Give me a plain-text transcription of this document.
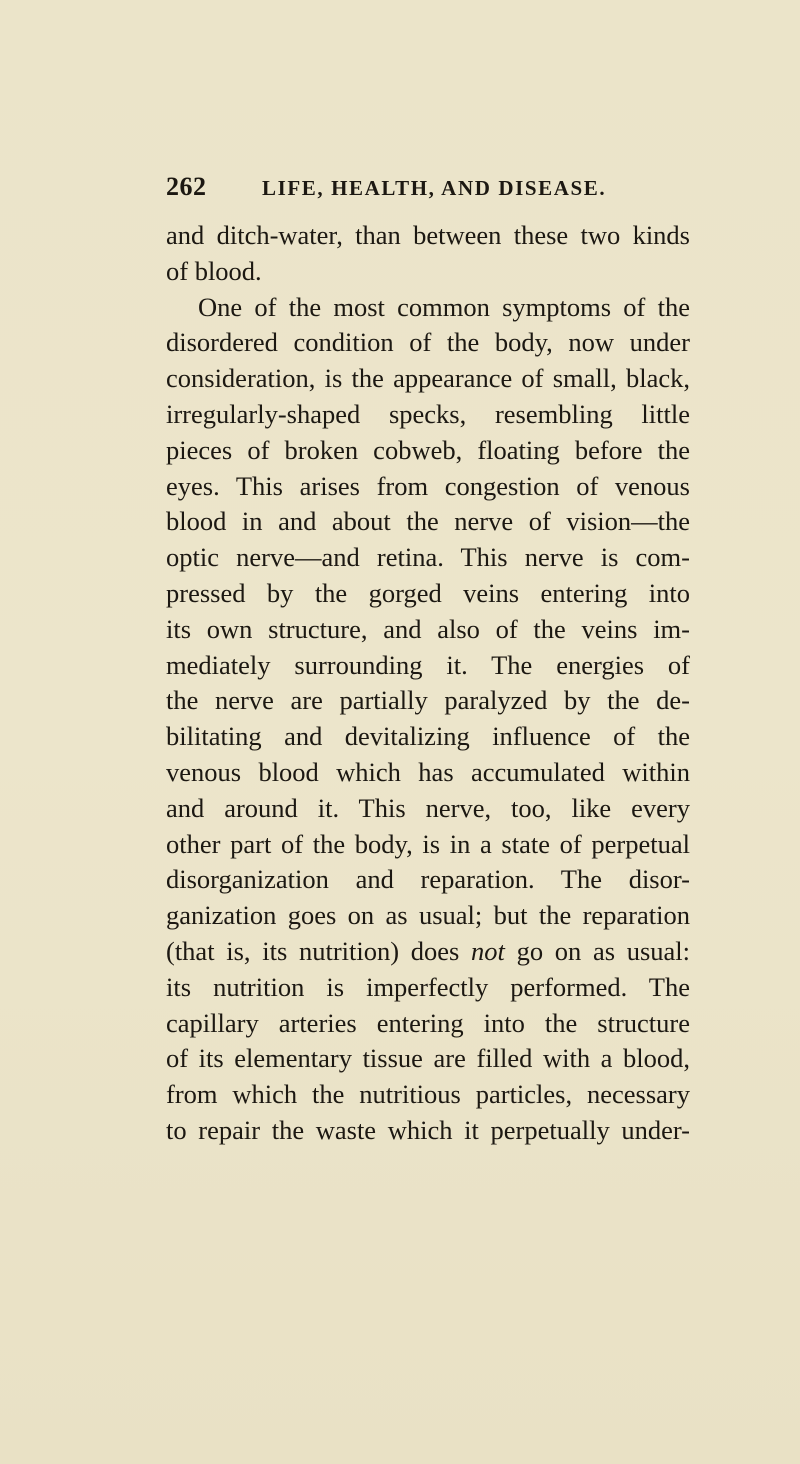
262	LIFE, HEALTH, AND DISEASE.
and ditch-water, than between these two kinds
of blood.
One of the most common symptoms of the
disordered condition of the body, now under
consideration, is the appearance of small, black,
irregularly-shaped specks, resembling little
pieces of broken cobweb, floating before the
eyes. This arises from congestion of venous
blood in and about the nerve of vision—the
optic nerve—and retina. This nerve is com-
pressed by the gorged veins entering into
its own structure, and also of the veins im-
mediately surrounding it. The energies of
the nerve are partially paralyzed by the de-
bilitating and devitalizing influence of the
venous blood which has accumulated within
and around it. This nerve, too, like every
other part of the body, is in a state of perpetual
disorganization and reparation. The disor-
ganization goes on as usual; but the reparation
(that is, its nutrition) does not go on as usual:
its nutrition is imperfectly performed. The
capillary arteries entering into the structure
of its elementary tissue are filled with a blood,
from which the nutritious particles, necessary
to repair the waste which it perpetually under-
